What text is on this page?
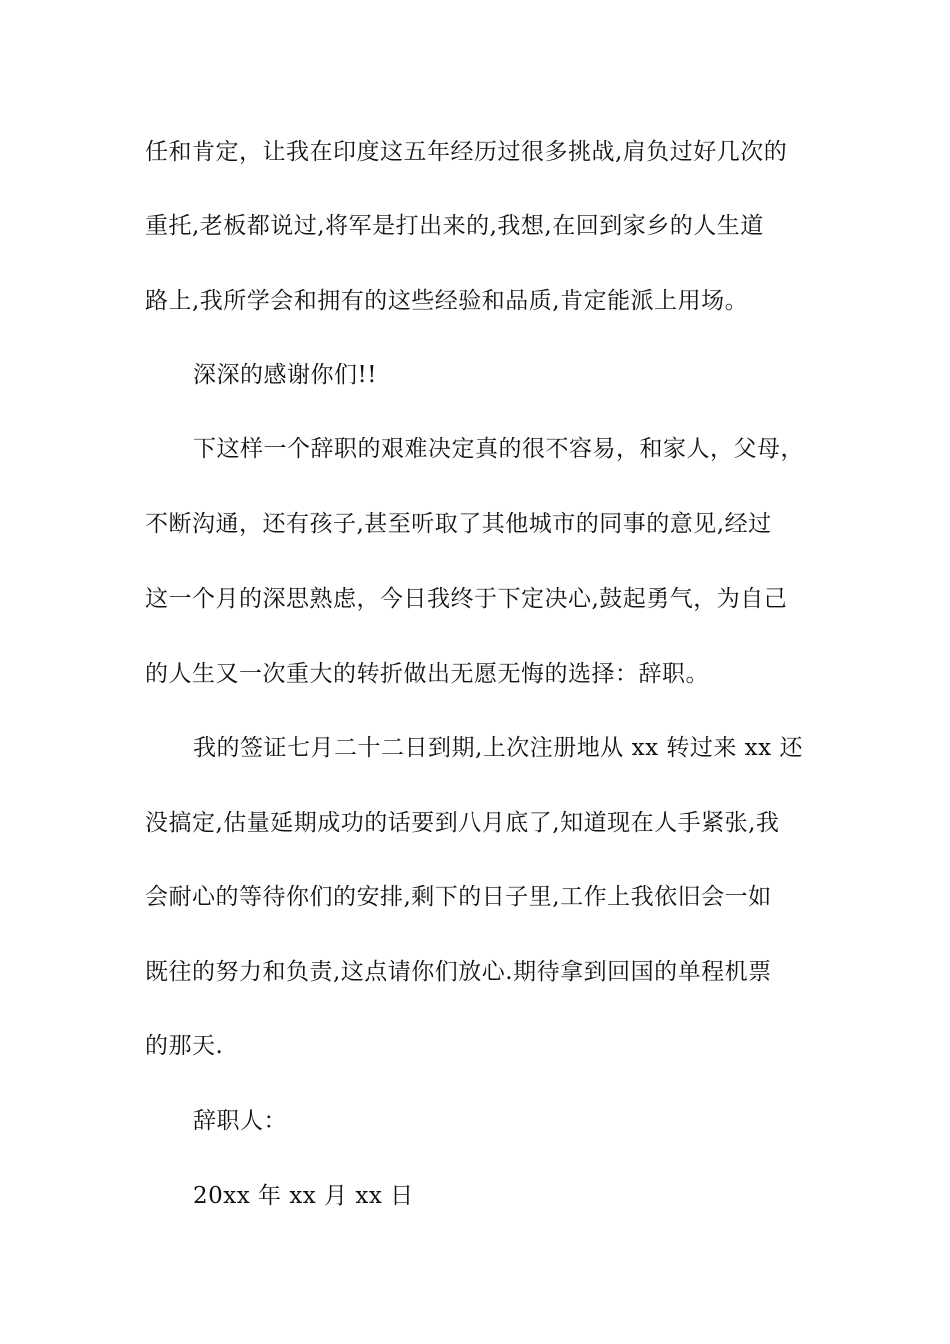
任和肯定，让我在印度这五年经历过很多挑战,肩负过好几次的
重托,老板都说过,将军是打出来的,我想,在回到家乡的人生道
路上,我所学会和拥有的这些经验和品质,肯定能派上用场。
深深的感谢你们!!
下这样一个辞职的艰难决定真的很不容易，和家人，父母，
不断沟通，还有孩子,甚至听取了其他城市的同事的意见,经过
这一个月的深思熟虑，今日我终于下定决心,鼓起勇气，为自己
的人生又一次重大的转折做出无愿无悔的选择：辞职。
我的签证七月二十二日到期,上次注册地从 xx 转过来 xx 还
没搞定,估量延期成功的话要到八月底了,知道现在人手紧张,我
会耐心的等待你们的安排,剩下的日子里,工作上我依旧会一如
既往的努力和负责,这点请你们放心.期待拿到回国的单程机票
的那天.
辞职人：
20xx 年 xx 月 xx 日
